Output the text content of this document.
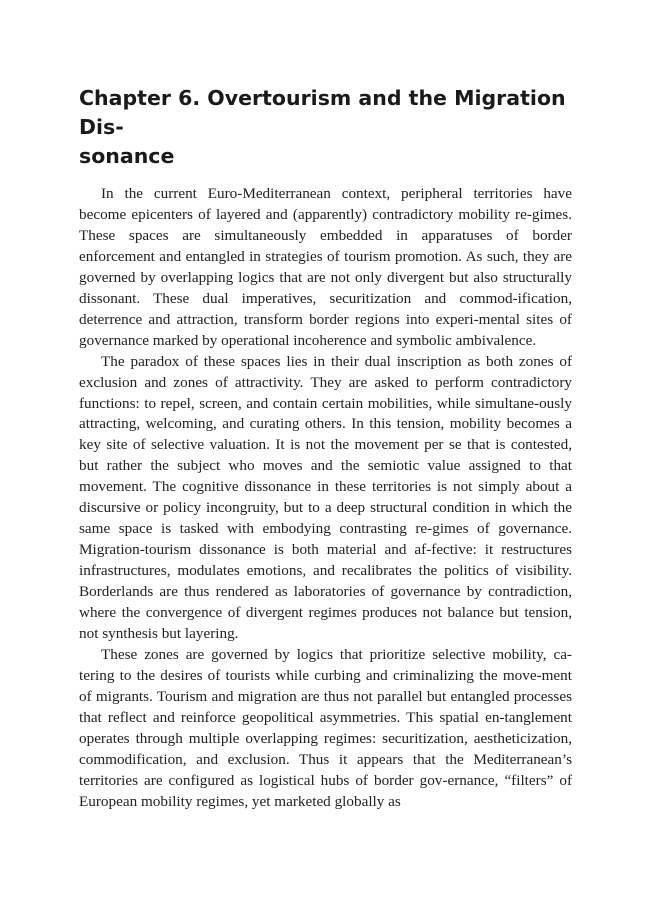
Chapter 6. Overtourism and the Migration Dis-
sonance

In the current Euro-Mediterranean context, peripheral territories have become epicenters of layered and (apparently) contradictory mobility re-gimes. These spaces are simultaneously embedded in apparatuses of border enforcement and entangled in strategies of tourism promotion. As such, they are governed by overlapping logics that are not only divergent but also structurally dissonant. These dual imperatives, securitization and commod-ification, deterrence and attraction, transform border regions into experi-mental sites of governance marked by operational incoherence and symbolic ambivalence.

The paradox of these spaces lies in their dual inscription as both zones of exclusion and zones of attractivity. They are asked to perform contradictory functions: to repel, screen, and contain certain mobilities, while simultane-ously attracting, welcoming, and curating others. In this tension, mobility becomes a key site of selective valuation. It is not the movement per se that is contested, but rather the subject who moves and the semiotic value assigned to that movement. The cognitive dissonance in these territories is not simply about a discursive or policy incongruity, but to a deep structural condition in which the same space is tasked with embodying contrasting re-gimes of governance. Migration-tourism dissonance is both material and af-fective: it restructures infrastructures, modulates emotions, and recalibrates the politics of visibility. Borderlands are thus rendered as laboratories of governance by contradiction, where the convergence of divergent regimes produces not balance but tension, not synthesis but layering.

These zones are governed by logics that prioritize selective mobility, ca-tering to the desires of tourists while curbing and criminalizing the move-ment of migrants. Tourism and migration are thus not parallel but entangled processes that reflect and reinforce geopolitical asymmetries. This spatial en-tanglement operates through multiple overlapping regimes: securitization, aestheticization, commodification, and exclusion. Thus it appears that the Mediterranean’s territories are configured as logistical hubs of border gov-ernance, “filters” of European mobility regimes, yet marketed globally as
